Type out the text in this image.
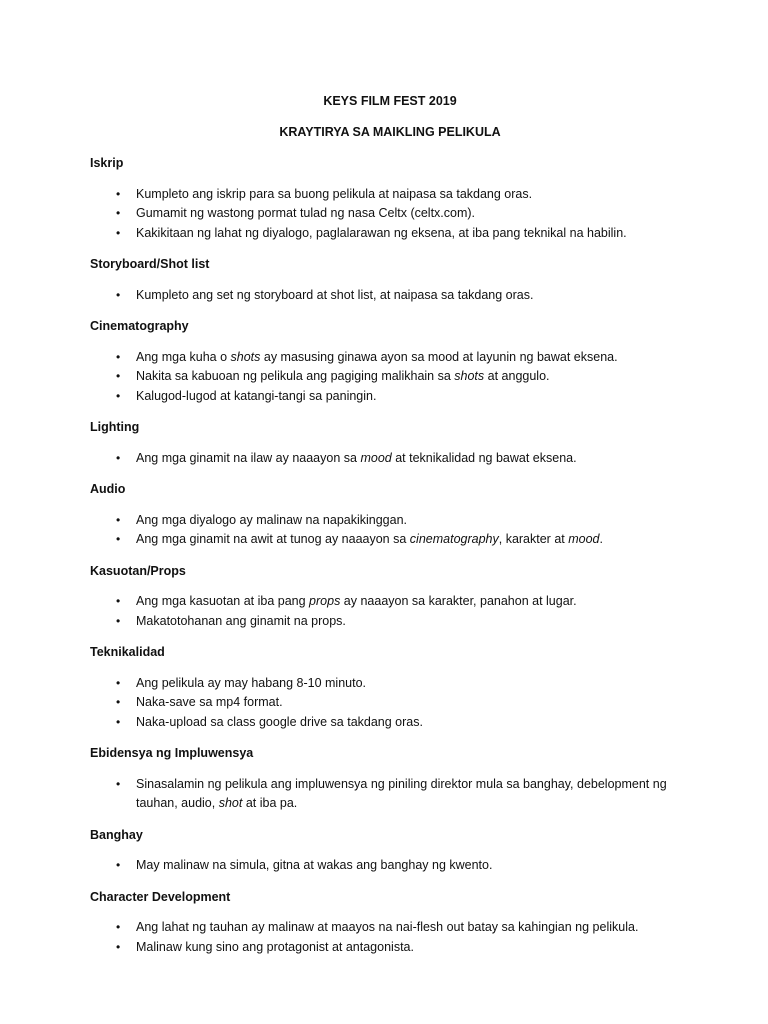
KEYS FILM FEST 2019

KRAYTIRYA SA MAIKLING PELIKULA

Iskrip

• Kumpleto ang iskrip para sa buong pelikula at naipasa sa takdang oras.
• Gumamit ng wastong pormat tulad ng nasa Celtx (celtx.com).
• Kakikitaan ng lahat ng diyalogo, paglalarawan ng eksena, at iba pang teknikal na habilin.

Storyboard/Shot list

• Kumpleto ang set ng storyboard at shot list, at naipasa sa takdang oras.

Cinematography

• Ang mga kuha o shots ay masusing ginawa ayon sa mood at layunin ng bawat eksena.
• Nakita sa kabuoan ng pelikula ang pagiging malikhain sa shots at anggulo.
• Kalugod-lugod at katangi-tangi sa paningin.

Lighting

• Ang mga ginamit na ilaw ay naaayon sa mood at teknikalidad ng bawat eksena.

Audio

• Ang mga diyalogo ay malinaw na napakikinggan.
• Ang mga ginamit na awit at tunog ay naaayon sa cinematography, karakter at mood.

Kasuotan/Props

• Ang mga kasuotan at iba pang props ay naaayon sa karakter, panahon at lugar.
• Makatotohanan ang ginamit na props.

Teknikalidad

• Ang pelikula ay may habang 8-10 minuto.
• Naka-save sa mp4 format.
• Naka-upload sa class google drive sa takdang oras.

Ebidensya ng Impluwensya

• Sinasalamin ng pelikula ang impluwensya ng piniling direktor mula sa banghay, debelopment ng tauhan, audio, shot at iba pa.

Banghay

• May malinaw na simula, gitna at wakas ang banghay ng kwento.

Character Development

• Ang lahat ng tauhan ay malinaw at maayos na nai-flesh out batay sa kahingian ng pelikula.
• Malinaw kung sino ang protagonist at antagonista.
